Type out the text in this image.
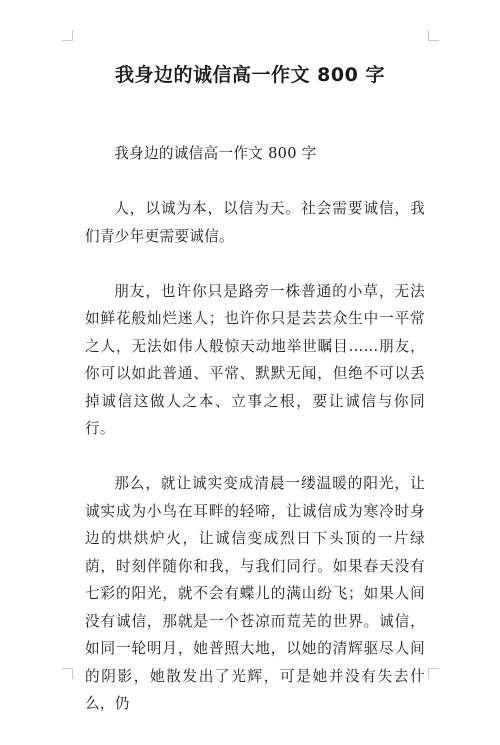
我身边的诚信高一作文 800 字

我身边的诚信高一作文 800 字

人，以诚为本，以信为天。社会需要诚信，我们青少年更需要诚信。

朋友，也许你只是路旁一株普通的小草，无法如鲜花般灿烂迷人；也许你只是芸芸众生中一平常之人，无法如伟人般惊天动地举世瞩目……朋友，你可以如此普通、平常、默默无闻，但绝不可以丢掉诚信这做人之本、立事之根，要让诚信与你同行。

那么，就让诚实变成清晨一缕温暖的阳光，让诚实成为小鸟在耳畔的轻啼，让诚信成为寒冷时身边的烘烘炉火，让诚信变成烈日下头顶的一片绿荫，时刻伴随你和我，与我们同行。如果春天没有七彩的阳光，就不会有蝶儿的满山纷飞；如果人间没有诚信，那就是一个苍凉而荒芜的世界。诚信，如同一轮明月，她普照大地，以她的清辉驱尽人间的阴影，她散发出了光辉，可是她并没有失去什么，仍
